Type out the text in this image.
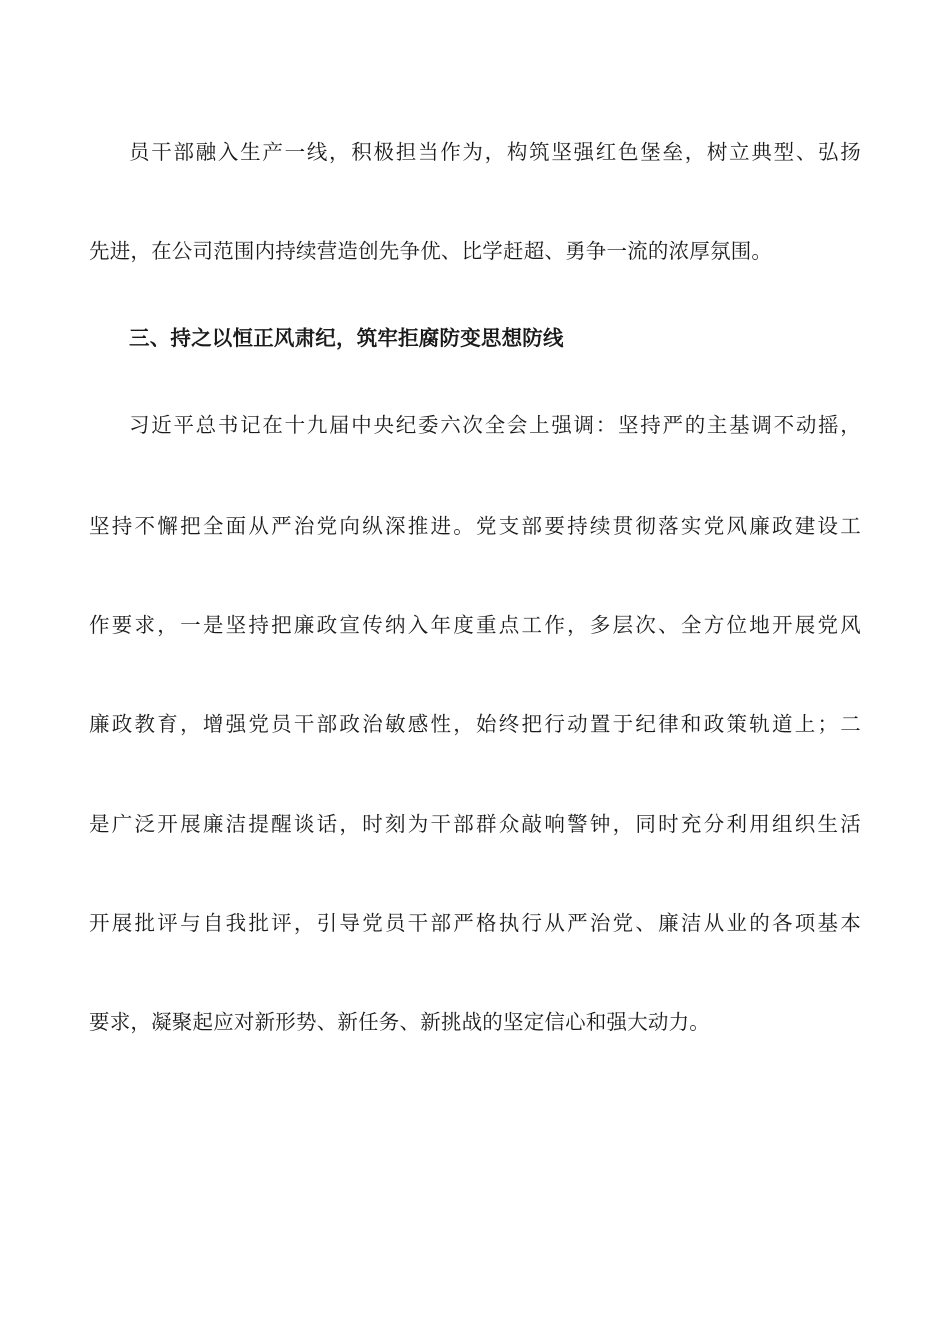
员干部融入生产一线，积极担当作为，构筑坚强红色堡垒，树立典型、弘扬
先进，在公司范围内持续营造创先争优、比学赶超、勇争一流的浓厚氛围。
三、持之以恒正风肃纪，筑牢拒腐防变思想防线
习近平总书记在十九届中央纪委六次全会上强调：坚持严的主基调不动摇，
坚持不懈把全面从严治党向纵深推进。党支部要持续贯彻落实党风廉政建设工
作要求，一是坚持把廉政宣传纳入年度重点工作，多层次、全方位地开展党风
廉政教育，增强党员干部政治敏感性，始终把行动置于纪律和政策轨道上；二
是广泛开展廉洁提醒谈话，时刻为干部群众敲响警钟，同时充分利用组织生活
开展批评与自我批评，引导党员干部严格执行从严治党、廉洁从业的各项基本
要求，凝聚起应对新形势、新任务、新挑战的坚定信心和强大动力。
